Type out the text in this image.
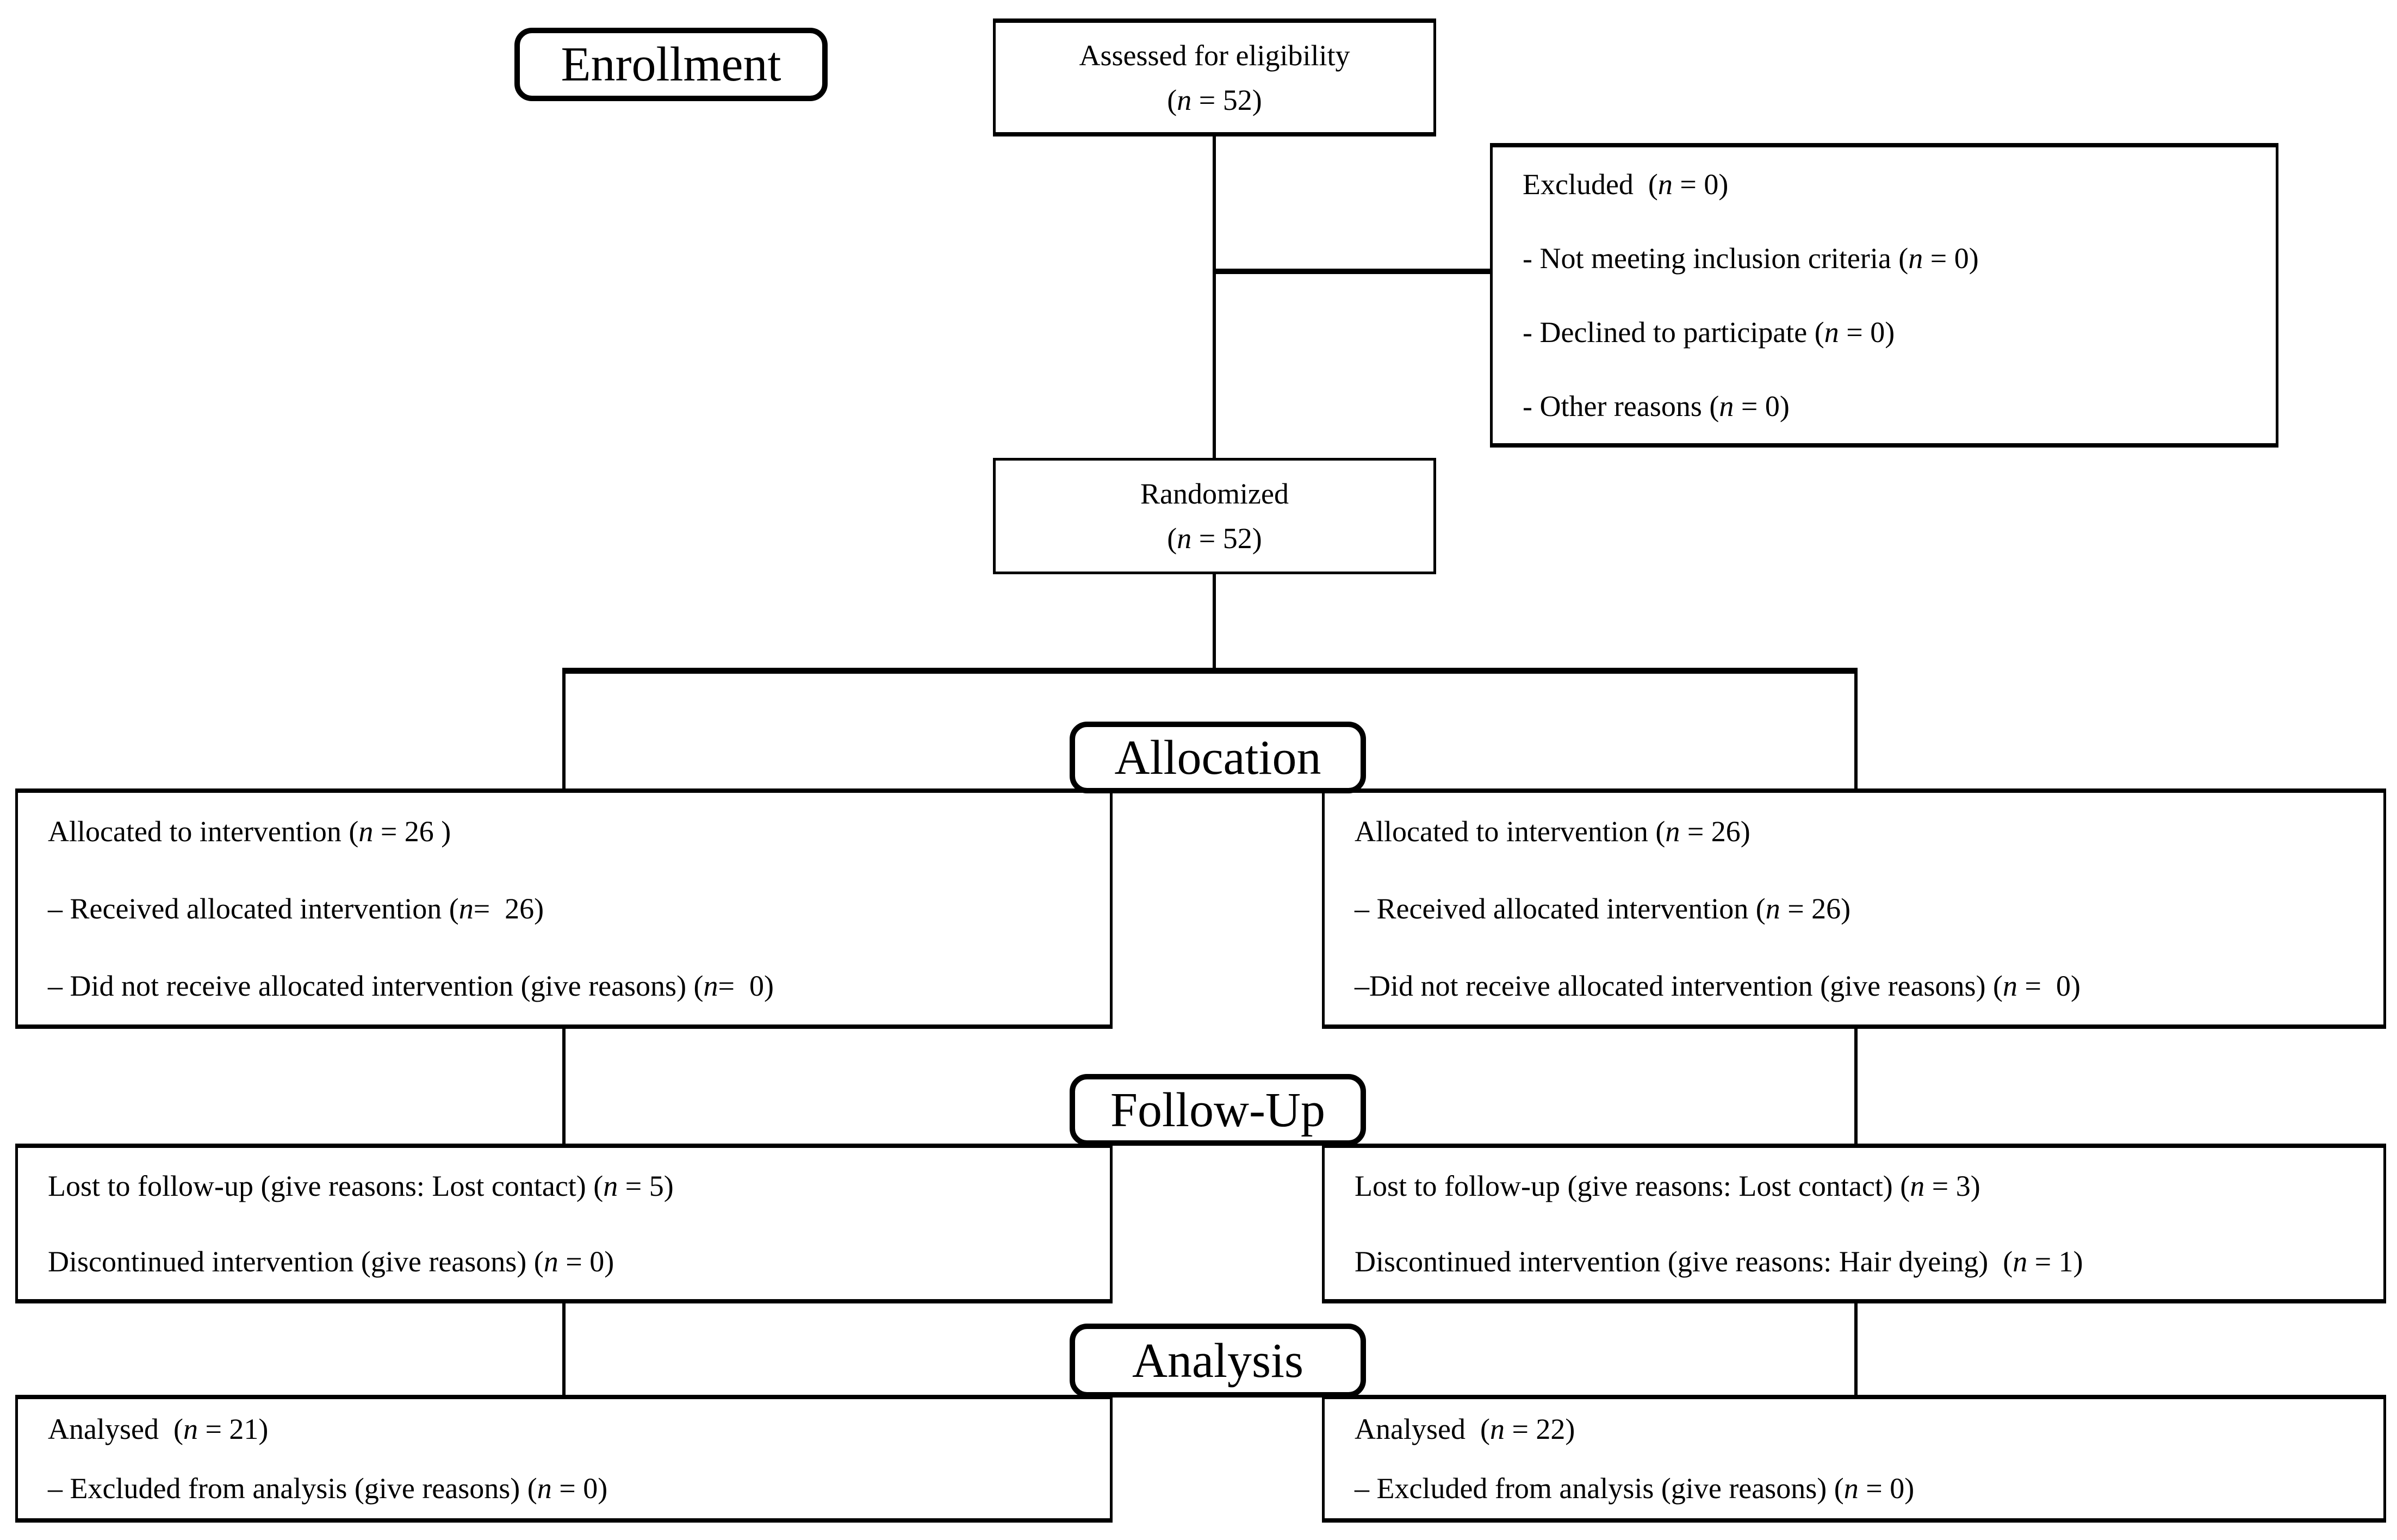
Enrollment
Allocation
Follow-Up
Analysis
Assessed for eligibility
( n = 52)
Excluded  ( n = 0)
- Not meeting inclusion criteria ( n = 0)
- Declined to participate ( n = 0)
- Other reasons ( n = 0)
Randomized
( n = 52)
Allocated to intervention ( n = 26 )
– Received allocated intervention ( n =  26)
– Did not receive allocated intervention (give reasons) ( n =  0)
Allocated to intervention ( n = 26)
– Received allocated intervention ( n = 26)
–Did not receive allocated intervention (give reasons) ( n =  0)
Lost to follow-up (give reasons: Lost contact) ( n = 5)
Discontinued intervention (give reasons) ( n = 0)
Lost to follow-up (give reasons: Lost contact) ( n = 3)
Discontinued intervention (give reasons: Hair dyeing)  ( n = 1)
Analysed  ( n = 21)
– Excluded from analysis (give reasons) ( n = 0)
Analysed  ( n = 22)
– Excluded from analysis (give reasons) ( n = 0)
